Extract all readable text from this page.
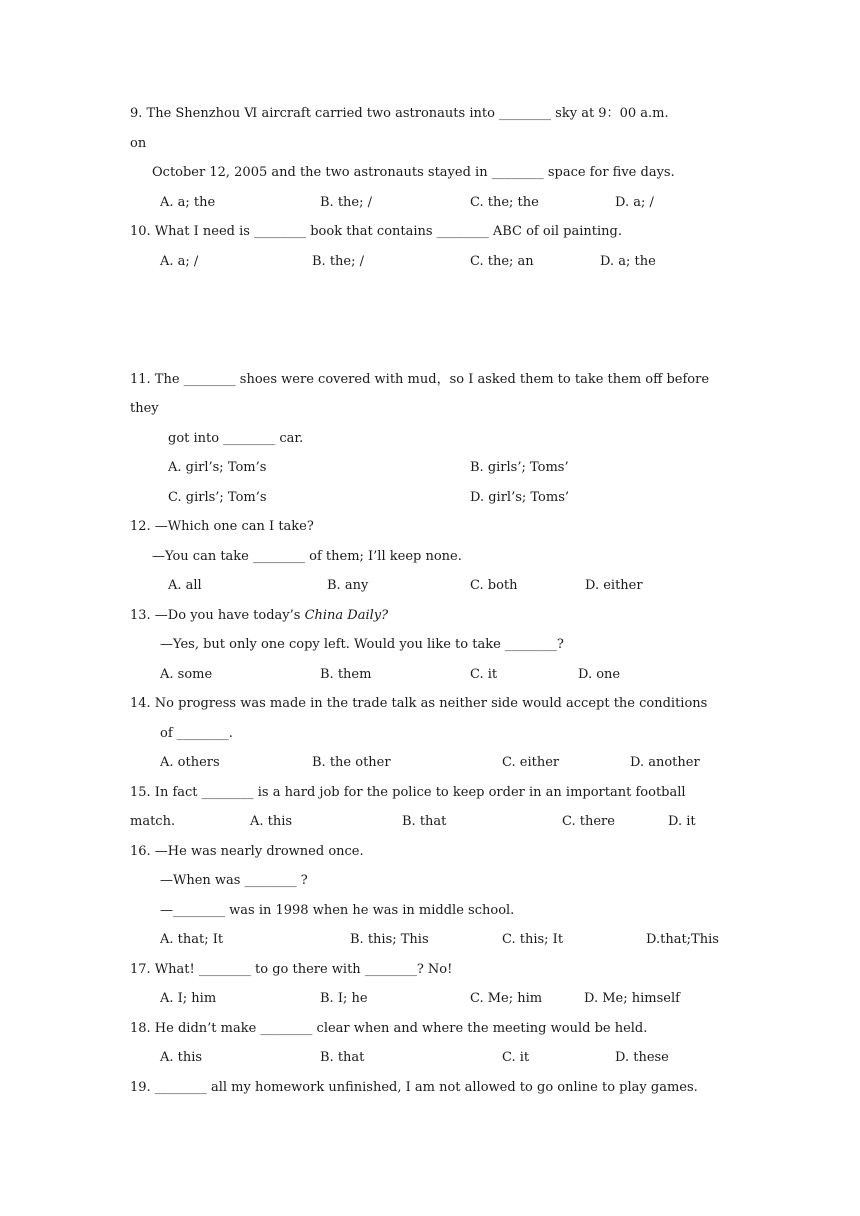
9. The Shenzhou Ⅵ aircraft carried two astronauts into ________ sky at 9：00 a.m.
on
October 12, 2005 and the two astronauts stayed in ________ space for five days.
A. a; the	B. the; /	C. the; the	D. a; /
10. What I need is ________ book that contains ________ ABC of oil painting.
A. a; /	B. the; /	C. the; an	D. a; the
11. The ________ shoes were covered with mud，so I asked them to take them off before
they
got into ________ car.
A. girl’s; Tom’s	B. girls’; Toms’
C. girls’; Tom’s	D. girl’s; Toms’
12. —Which one can I take?
—You can take ________ of them; I’ll keep none.
A. all	B. any	C. both	D. either
13. —Do you have today’s China Daily?
—Yes, but only one copy left. Would you like to take ________?
A. some	B. them	C. it	D. one
14. No progress was made in the trade talk as neither side would accept the conditions
of ________.
A. others	B. the other	C. either	D. another
15. In fact ________ is a hard job for the police to keep order in an important football
match.	A. this	B. that	C. there	D. it
16. —He was nearly drowned once.
—When was ________ ?
—________ was in 1998 when he was in middle school.
A. that; It	B. this; This	C. this; It	D.that;This
17. What! ________ to go there with ________? No!
A. I; him	B. I; he	C. Me; him	D. Me; himself
18. He didn’t make ________ clear when and where the meeting would be held.
A. this	B. that	C. it	D. these
19. ________ all my homework unfinished, I am not allowed to go online to play games.
